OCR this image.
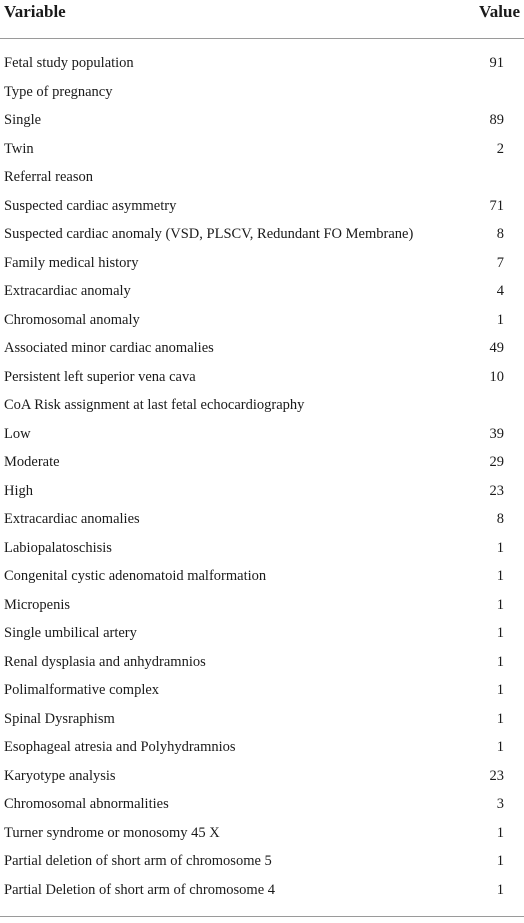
Variable	Value
Fetal study population	91
Type of pregnancy
Single	89
Twin	2
Referral reason
Suspected cardiac asymmetry	71
Suspected cardiac anomaly (VSD, PLSCV, Redundant FO Membrane)	8
Family medical history	7
Extracardiac anomaly	4
Chromosomal anomaly	1
Associated minor cardiac anomalies	49
Persistent left superior vena cava	10
CoA Risk assignment at last fetal echocardiography
Low	39
Moderate	29
High	23
Extracardiac anomalies	8
Labiopalatoschisis	1
Congenital cystic adenomatoid malformation	1
Micropenis	1
Single umbilical artery	1
Renal dysplasia and anhydramnios	1
Polimalformative complex	1
Spinal Dysraphism	1
Esophageal atresia and Polyhydramnios	1
Karyotype analysis	23
Chromosomal abnormalities	3
Turner syndrome or monosomy 45 X	1
Partial deletion of short arm of chromosome 5	1
Partial Deletion of short arm of chromosome 4	1
